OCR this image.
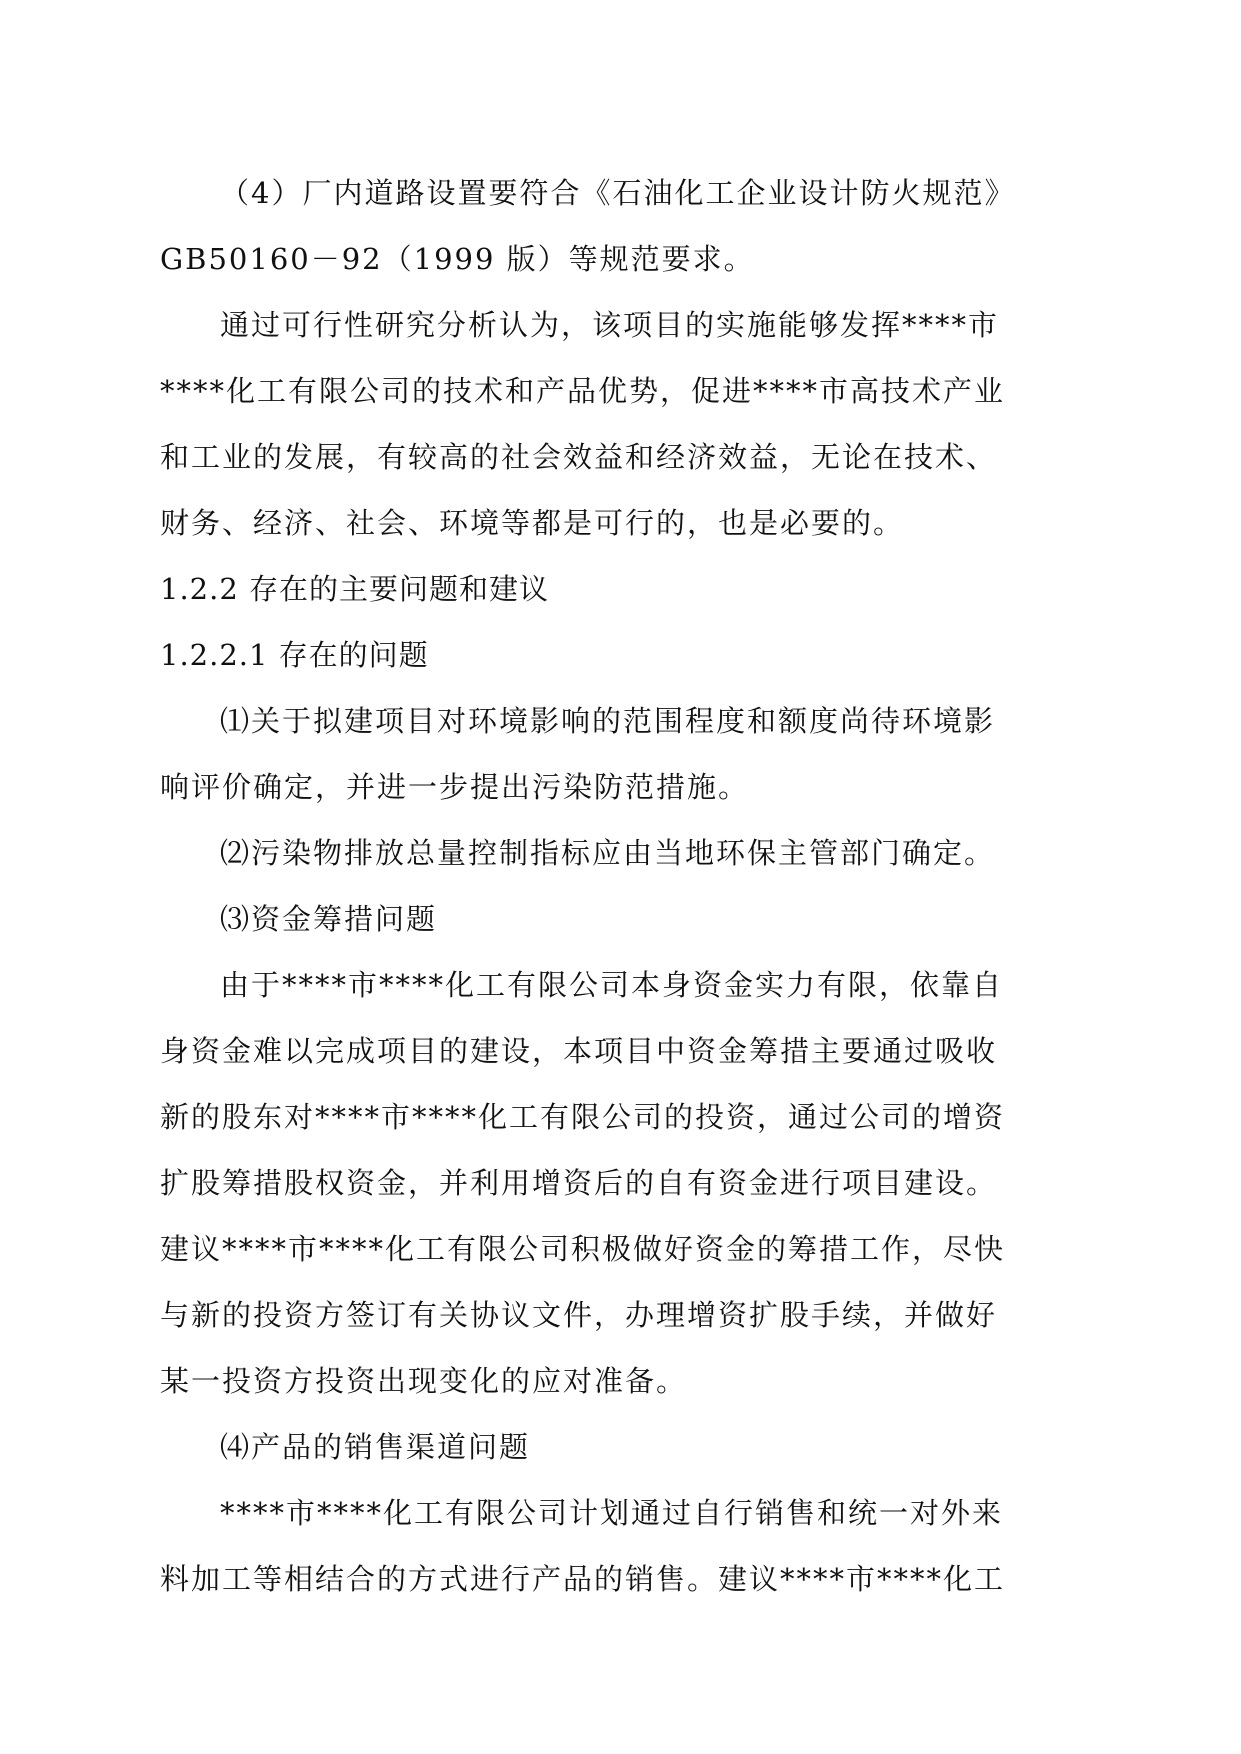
（4）厂内道路设置要符合《石油化工企业设计防火规范》
GB50160－92（1999 版）等规范要求。
通过可行性研究分析认为，该项目的实施能够发挥****市
****化工有限公司的技术和产品优势，促进****市高技术产业
和工业的发展，有较高的社会效益和经济效益，无论在技术、
财务、经济、社会、环境等都是可行的，也是必要的。
1.2.2 存在的主要问题和建议
1.2.2.1 存在的问题
⑴关于拟建项目对环境影响的范围程度和额度尚待环境影
响评价确定，并进一步提出污染防范措施。
⑵污染物排放总量控制指标应由当地环保主管部门确定。
⑶资金筹措问题
由于****市****化工有限公司本身资金实力有限，依靠自
身资金难以完成项目的建设，本项目中资金筹措主要通过吸收
新的股东对****市****化工有限公司的投资，通过公司的增资
扩股筹措股权资金，并利用增资后的自有资金进行项目建设。
建议****市****化工有限公司积极做好资金的筹措工作，尽快
与新的投资方签订有关协议文件，办理增资扩股手续，并做好
某一投资方投资出现变化的应对准备。
⑷产品的销售渠道问题
****市****化工有限公司计划通过自行销售和统一对外来
料加工等相结合的方式进行产品的销售。建议****市****化工
